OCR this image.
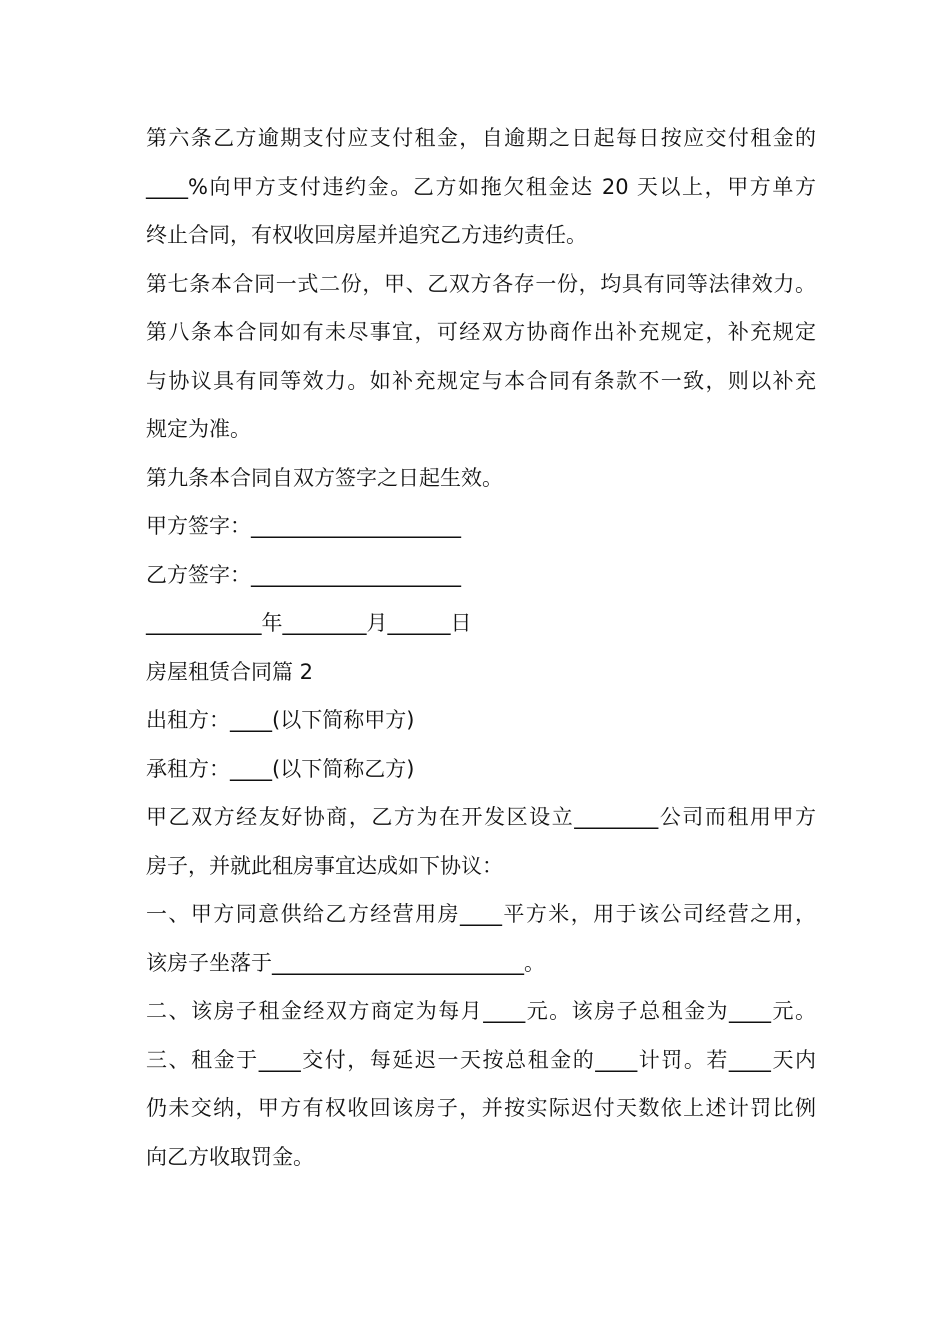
第六条乙方逾期支付应支付租金，自逾期之日起每日按应交付租金的
____%向甲方支付违约金。乙方如拖欠租金达 20 天以上，甲方单方
终止合同，有权收回房屋并追究乙方违约责任。
第七条本合同一式二份，甲、乙双方各存一份，均具有同等法律效力。
第八条本合同如有未尽事宜，可经双方协商作出补充规定，补充规定
与协议具有同等效力。如补充规定与本合同有条款不一致，则以补充
规定为准。
第九条本合同自双方签字之日起生效。
甲方签字：____________________
乙方签字：____________________
___________年________月______日
房屋租赁合同篇 2
出租方：____(以下简称甲方)
承租方：____(以下简称乙方)
甲乙双方经友好协商，乙方为在开发区设立________公司而租用甲方
房子，并就此租房事宜达成如下协议：
一、甲方同意供给乙方经营用房____平方米，用于该公司经营之用，
该房子坐落于________________________。
二、该房子租金经双方商定为每月____元。该房子总租金为____元。
三、租金于____交付，每延迟一天按总租金的____计罚。若____天内
仍未交纳，甲方有权收回该房子，并按实际迟付天数依上述计罚比例
向乙方收取罚金。
